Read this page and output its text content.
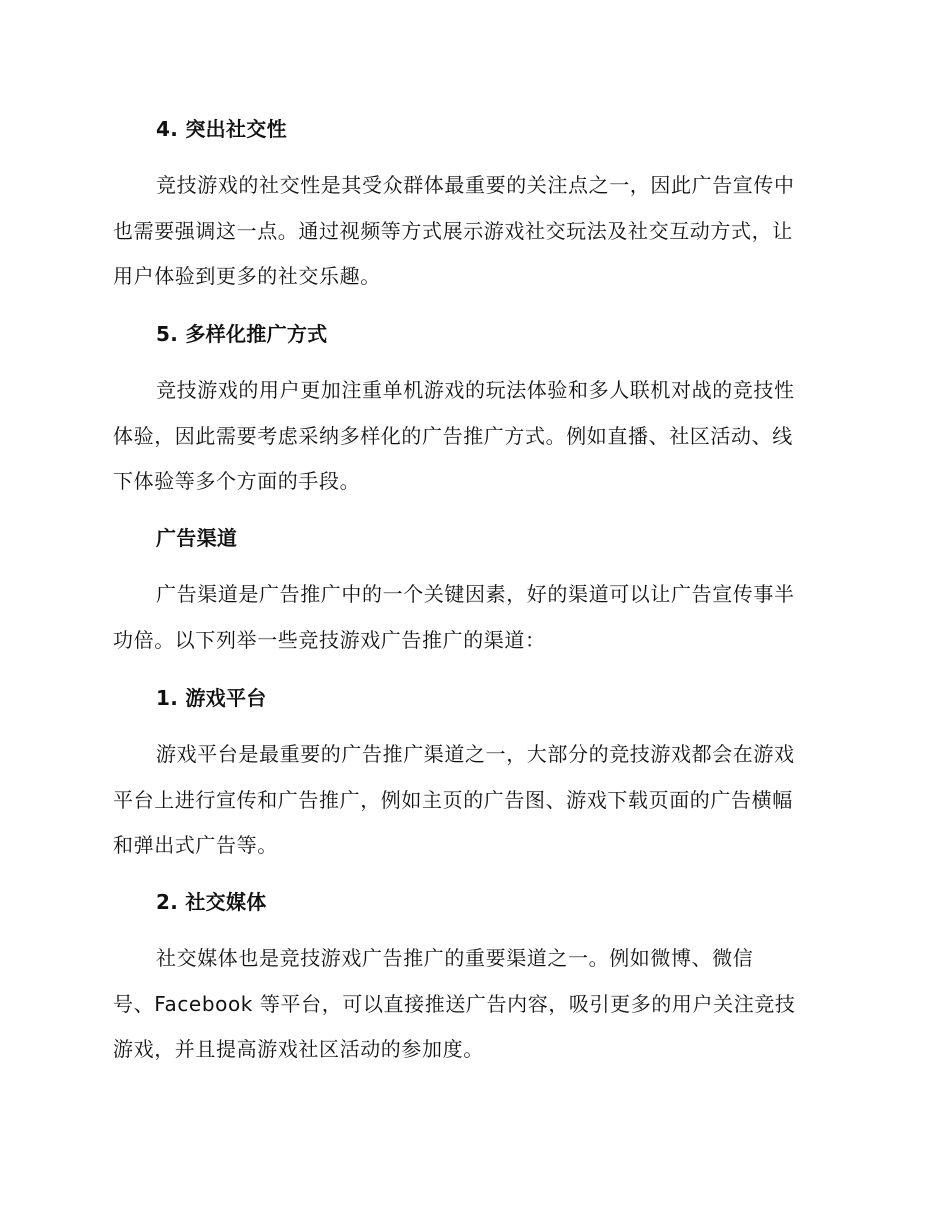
4. 突出社交性
竞技游戏的社交性是其受众群体最重要的关注点之一，因此广告宣传中
也需要强调这一点。通过视频等方式展示游戏社交玩法及社交互动方式，让
用户体验到更多的社交乐趣。
5. 多样化推广方式
竞技游戏的用户更加注重单机游戏的玩法体验和多人联机对战的竞技性
体验，因此需要考虑采纳多样化的广告推广方式。例如直播、社区活动、线
下体验等多个方面的手段。
广告渠道
广告渠道是广告推广中的一个关键因素，好的渠道可以让广告宣传事半
功倍。以下列举一些竞技游戏广告推广的渠道：
1. 游戏平台
游戏平台是最重要的广告推广渠道之一，大部分的竞技游戏都会在游戏
平台上进行宣传和广告推广，例如主页的广告图、游戏下载页面的广告横幅
和弹出式广告等。
2. 社交媒体
社交媒体也是竞技游戏广告推广的重要渠道之一。例如微博、微信
号、Facebook 等平台，可以直接推送广告内容，吸引更多的用户关注竞技
游戏，并且提高游戏社区活动的参加度。
